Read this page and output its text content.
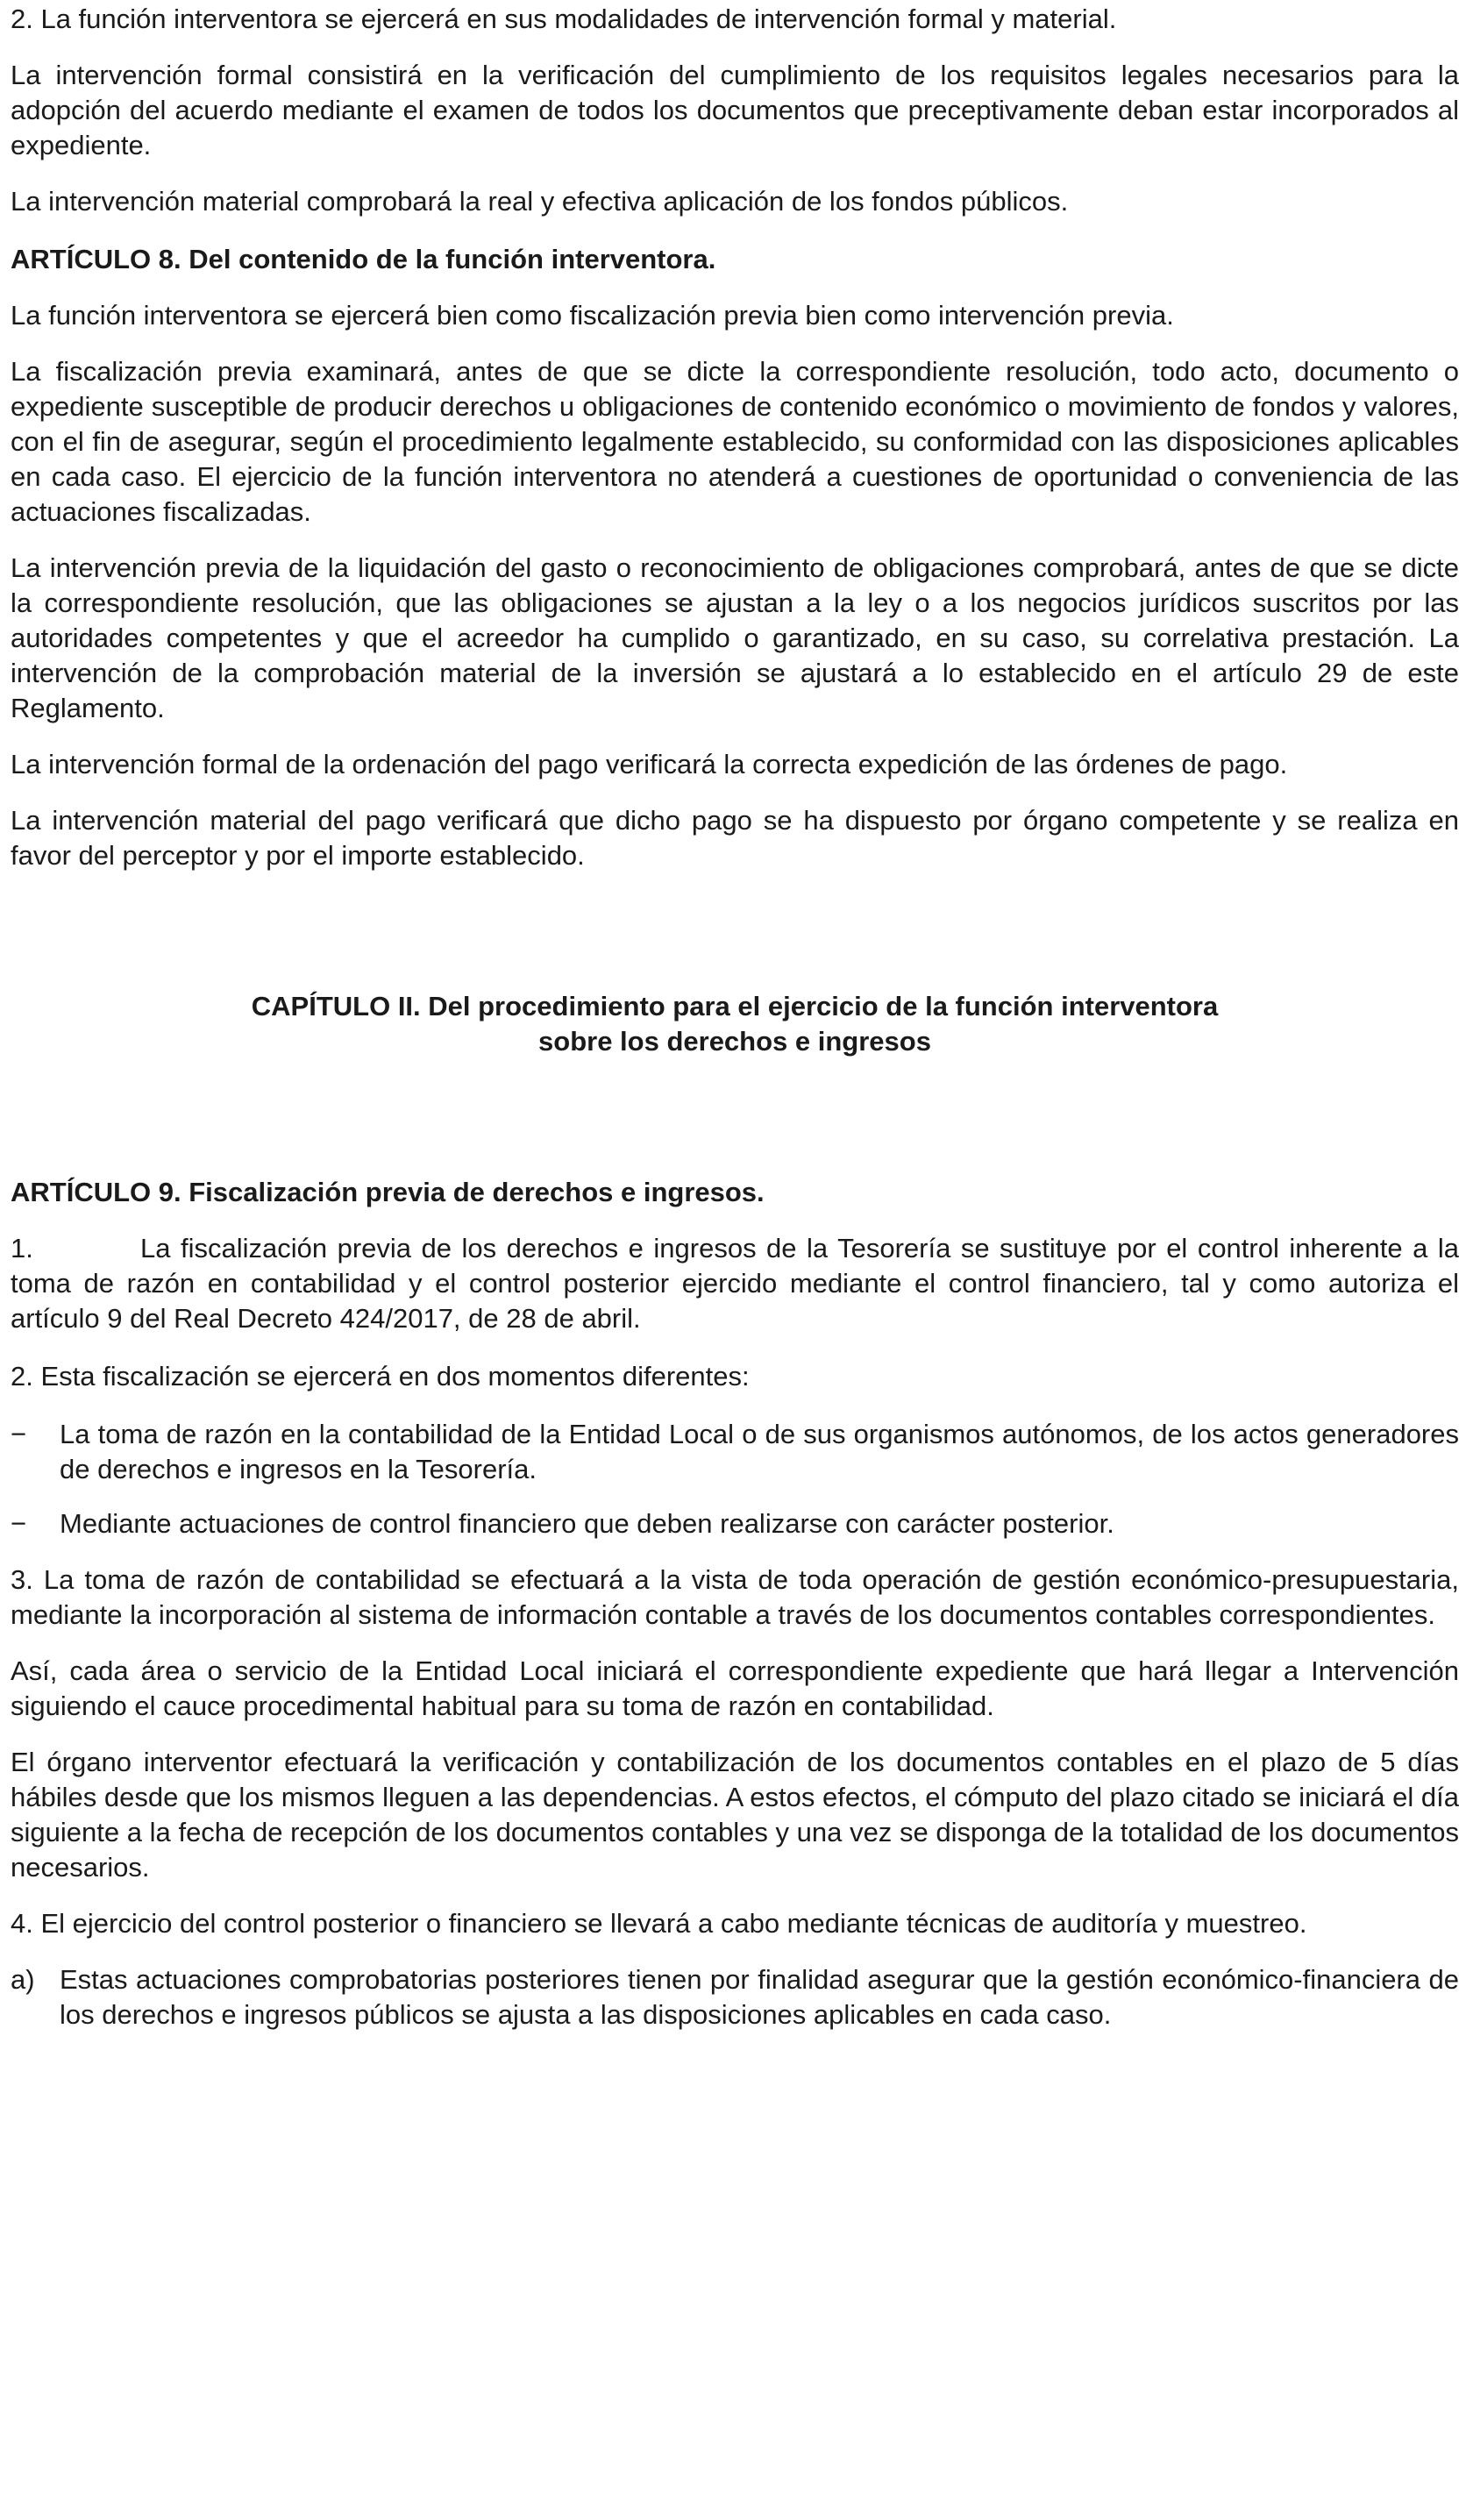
2. La función interventora se ejercerá en sus modalidades de intervención formal y material.

La intervención formal consistirá en la verificación del cumplimiento de los requisitos legales necesarios para la adopción del acuerdo mediante el examen de todos los documentos que preceptivamente deban estar incorporados al expediente.

La intervención material comprobará la real y efectiva aplicación de los fondos públicos.

ARTÍCULO 8. Del contenido de la función interventora.

La función interventora se ejercerá bien como fiscalización previa bien como intervención previa.

La fiscalización previa examinará, antes de que se dicte la correspondiente resolución, todo acto, documento o expediente susceptible de producir derechos u obligaciones de contenido económico o movimiento de fondos y valores, con el fin de asegurar, según el procedimiento legalmente establecido, su conformidad con las disposiciones aplicables en cada caso. El ejercicio de la función interventora no atenderá a cuestiones de oportunidad o conveniencia de las actuaciones fiscalizadas.

La intervención previa de la liquidación del gasto o reconocimiento de obligaciones comprobará, antes de que se dicte la correspondiente resolución, que las obligaciones se ajustan a la ley o a los negocios jurídicos suscritos por las autoridades competentes y que el acreedor ha cumplido o garantizado, en su caso, su correlativa prestación. La intervención de la comprobación material de la inversión se ajustará a lo establecido en el artículo 29 de este Reglamento.

La intervención formal de la ordenación del pago verificará la correcta expedición de las órdenes de pago.

La intervención material del pago verificará que dicho pago se ha dispuesto por órgano competente y se realiza en favor del perceptor y por el importe establecido.

CAPÍTULO II. Del procedimiento para el ejercicio de la función interventora

sobre los derechos e ingresos

ARTÍCULO 9. Fiscalización previa de derechos e ingresos.

1.	La fiscalización previa de los derechos e ingresos de la Tesorería se sustituye por el control inherente a la toma de razón en contabilidad y el control posterior ejercido mediante el control financiero, tal y como autoriza el artículo 9 del Real Decreto 424/2017, de 28 de abril.

2. Esta fiscalización se ejercerá en dos momentos diferentes:

−	La toma de razón en la contabilidad de la Entidad Local o de sus organismos autónomos, de los actos generadores de derechos e ingresos en la Tesorería.
−	Mediante actuaciones de control financiero que deben realizarse con carácter posterior.

3. La toma de razón de contabilidad se efectuará a la vista de toda operación de gestión económico-presupuestaria, mediante la incorporación al sistema de información contable a través de los documentos contables correspondientes.

Así, cada área o servicio de la Entidad Local iniciará el correspondiente expediente que hará llegar a Intervención siguiendo el cauce procedimental habitual para su toma de razón en contabilidad.

El órgano interventor efectuará la verificación y contabilización de los documentos contables en el plazo de 5 días hábiles desde que los mismos lleguen a las dependencias. A estos efectos, el cómputo del plazo citado se iniciará el día siguiente a la fecha de recepción de los documentos contables y una vez se disponga de la totalidad de los documentos necesarios.

4. El ejercicio del control posterior o financiero se llevará a cabo mediante técnicas de auditoría y muestreo.

a) Estas actuaciones comprobatorias posteriores tienen por finalidad asegurar que la gestión económico-financiera de los derechos e ingresos públicos se ajusta a las disposiciones aplicables en cada caso.
